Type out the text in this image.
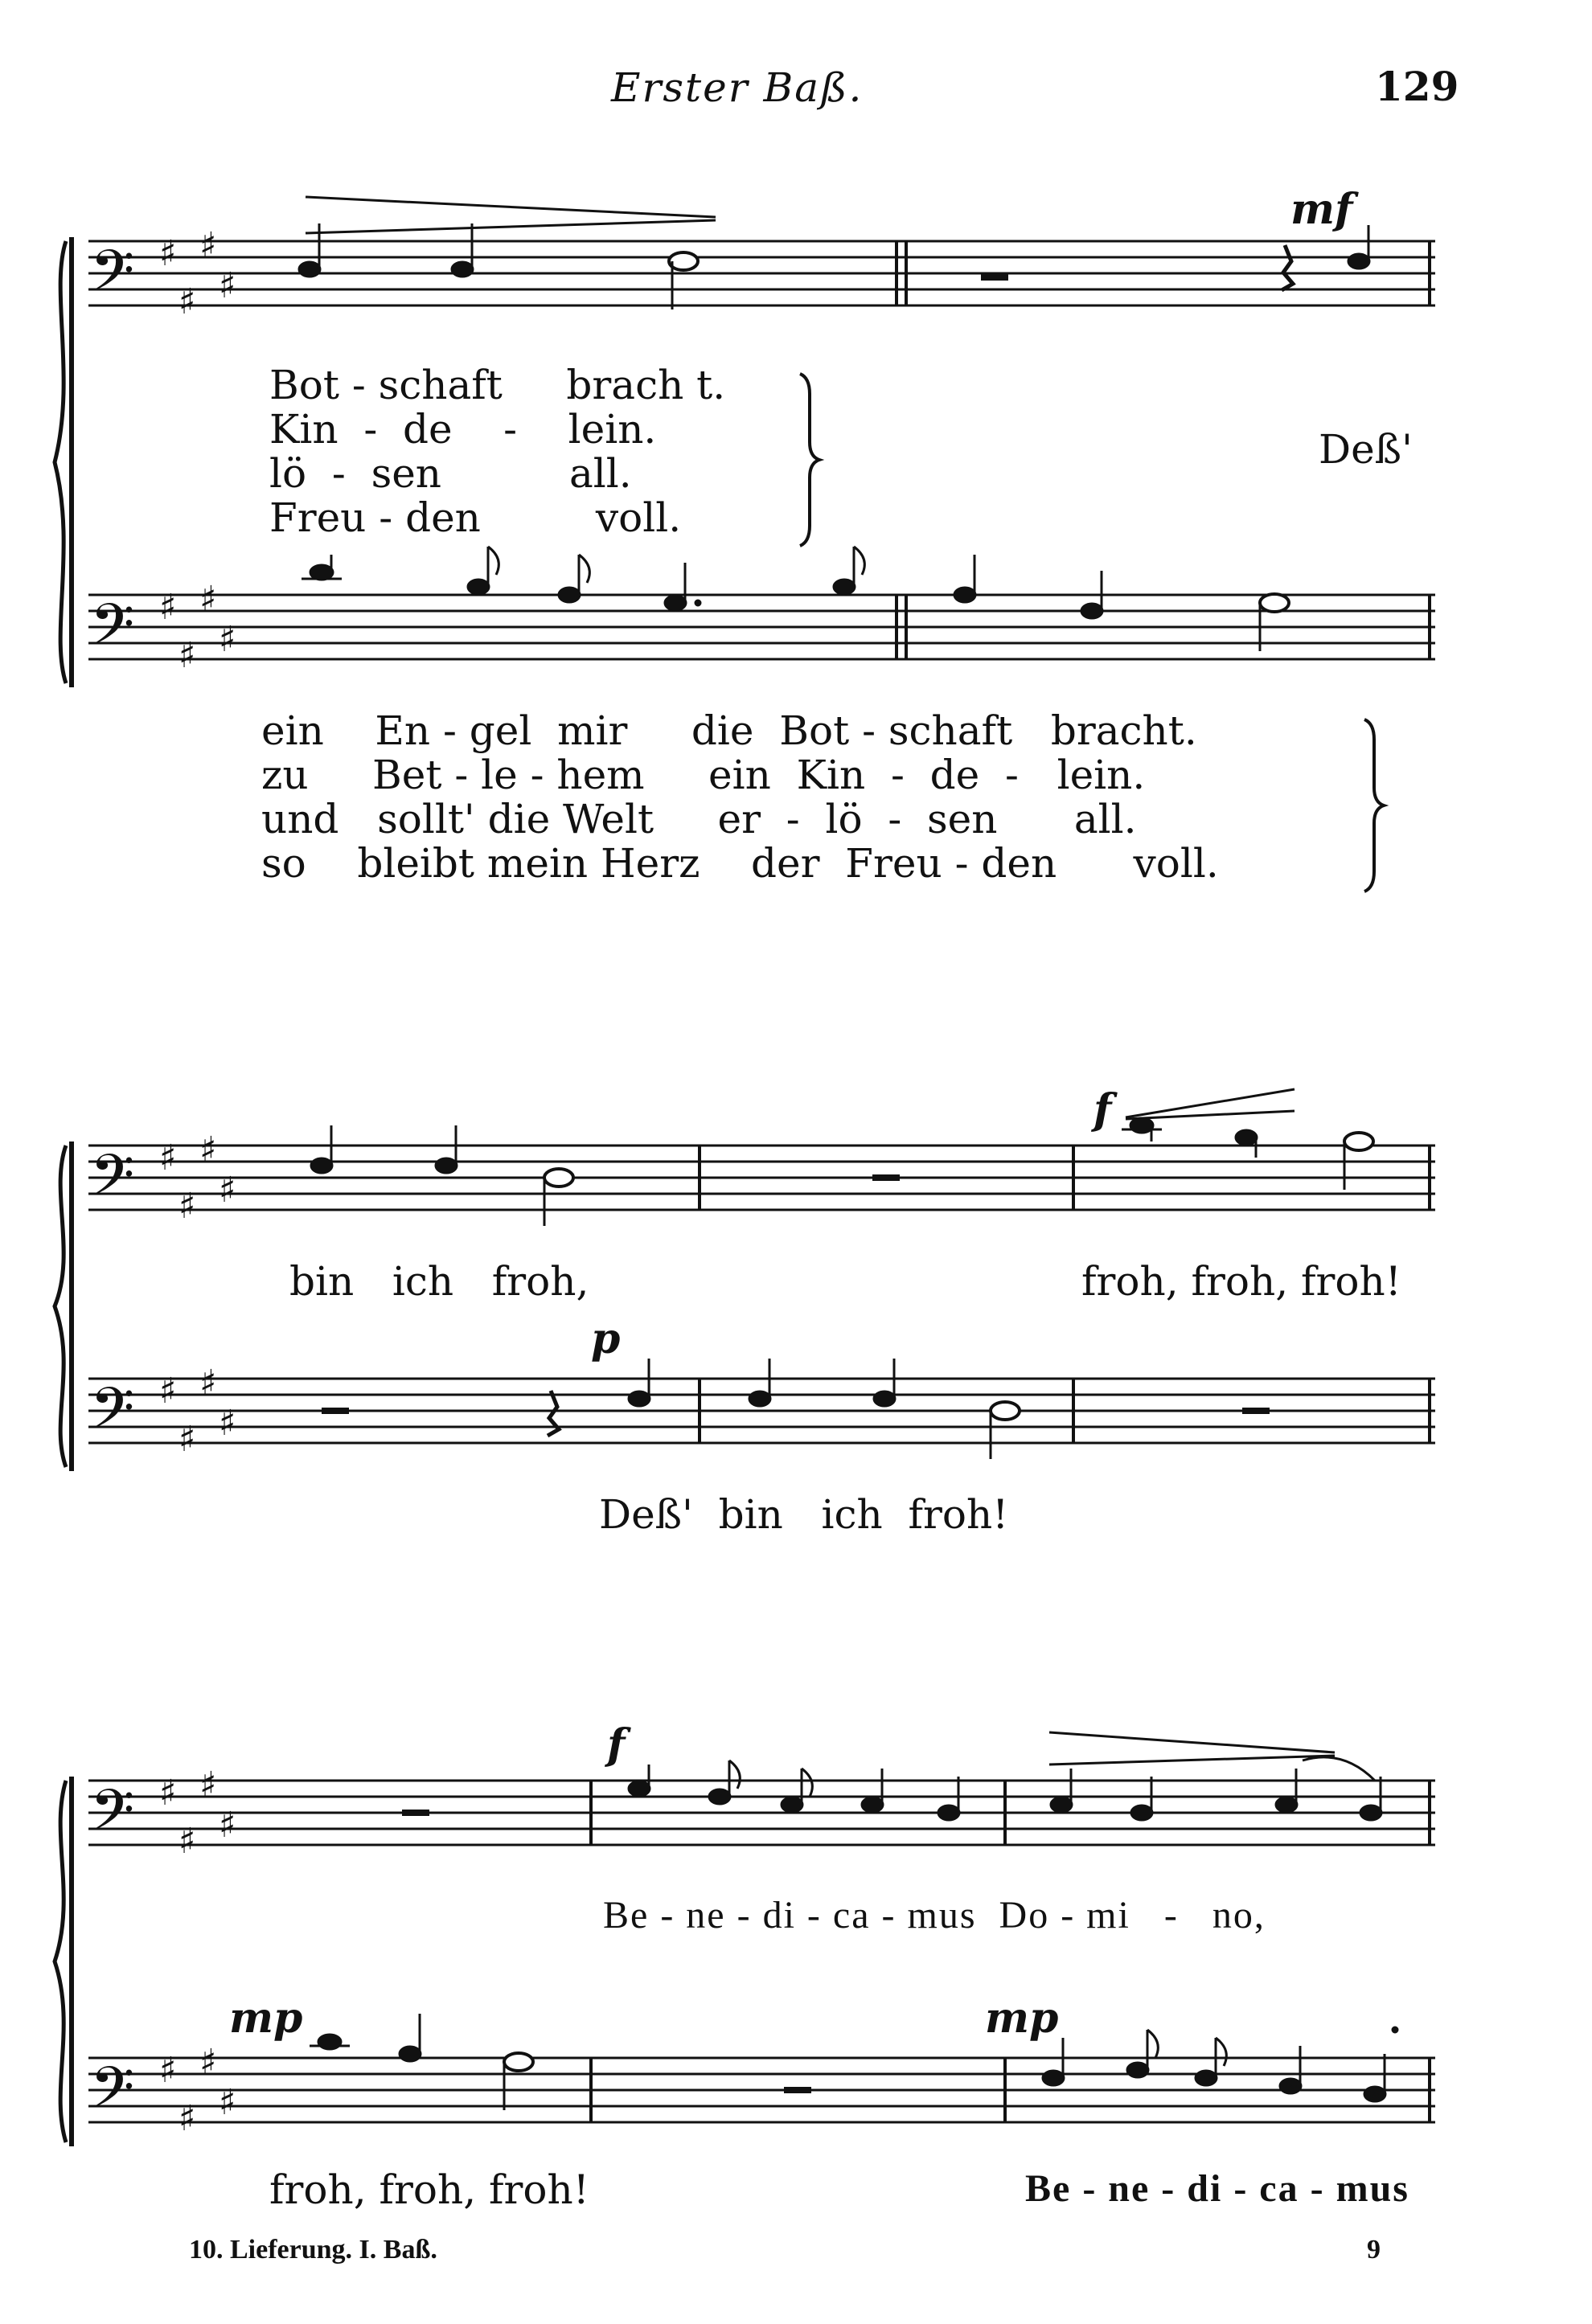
Erster Baß.	129
𝄢
𝄢
♯
♯
♯
♯
♯
♯
♯
♯
𝄢
𝄢
♯
♯
♯
♯
♯
♯
♯
♯
𝄢
𝄢
♯
♯
♯
♯
♯
♯
♯
♯
mf
Bot - schaft     brach t.
Kin  -  de    -    lein.
lö  -  sen          all.
Freu - den         voll.
Deß'
ein    En - gel  mir     die  Bot - schaft   bracht.
zu     Bet - le - hem     ein  Kin  -  de  -   lein.
und   sollt' die Welt     er  -  lö  -  sen      all.
so    bleibt mein Herz    der  Freu - den      voll.
f
p
bin   ich   froh,	froh, froh, froh!
Deß'  bin   ich  froh!
f
mp	mp
Be - ne - di - ca - mus  Do - mi   -   no,
froh, froh, froh!	Be - ne - di - ca - mus
10. Lieferung. I. Baß.	9
